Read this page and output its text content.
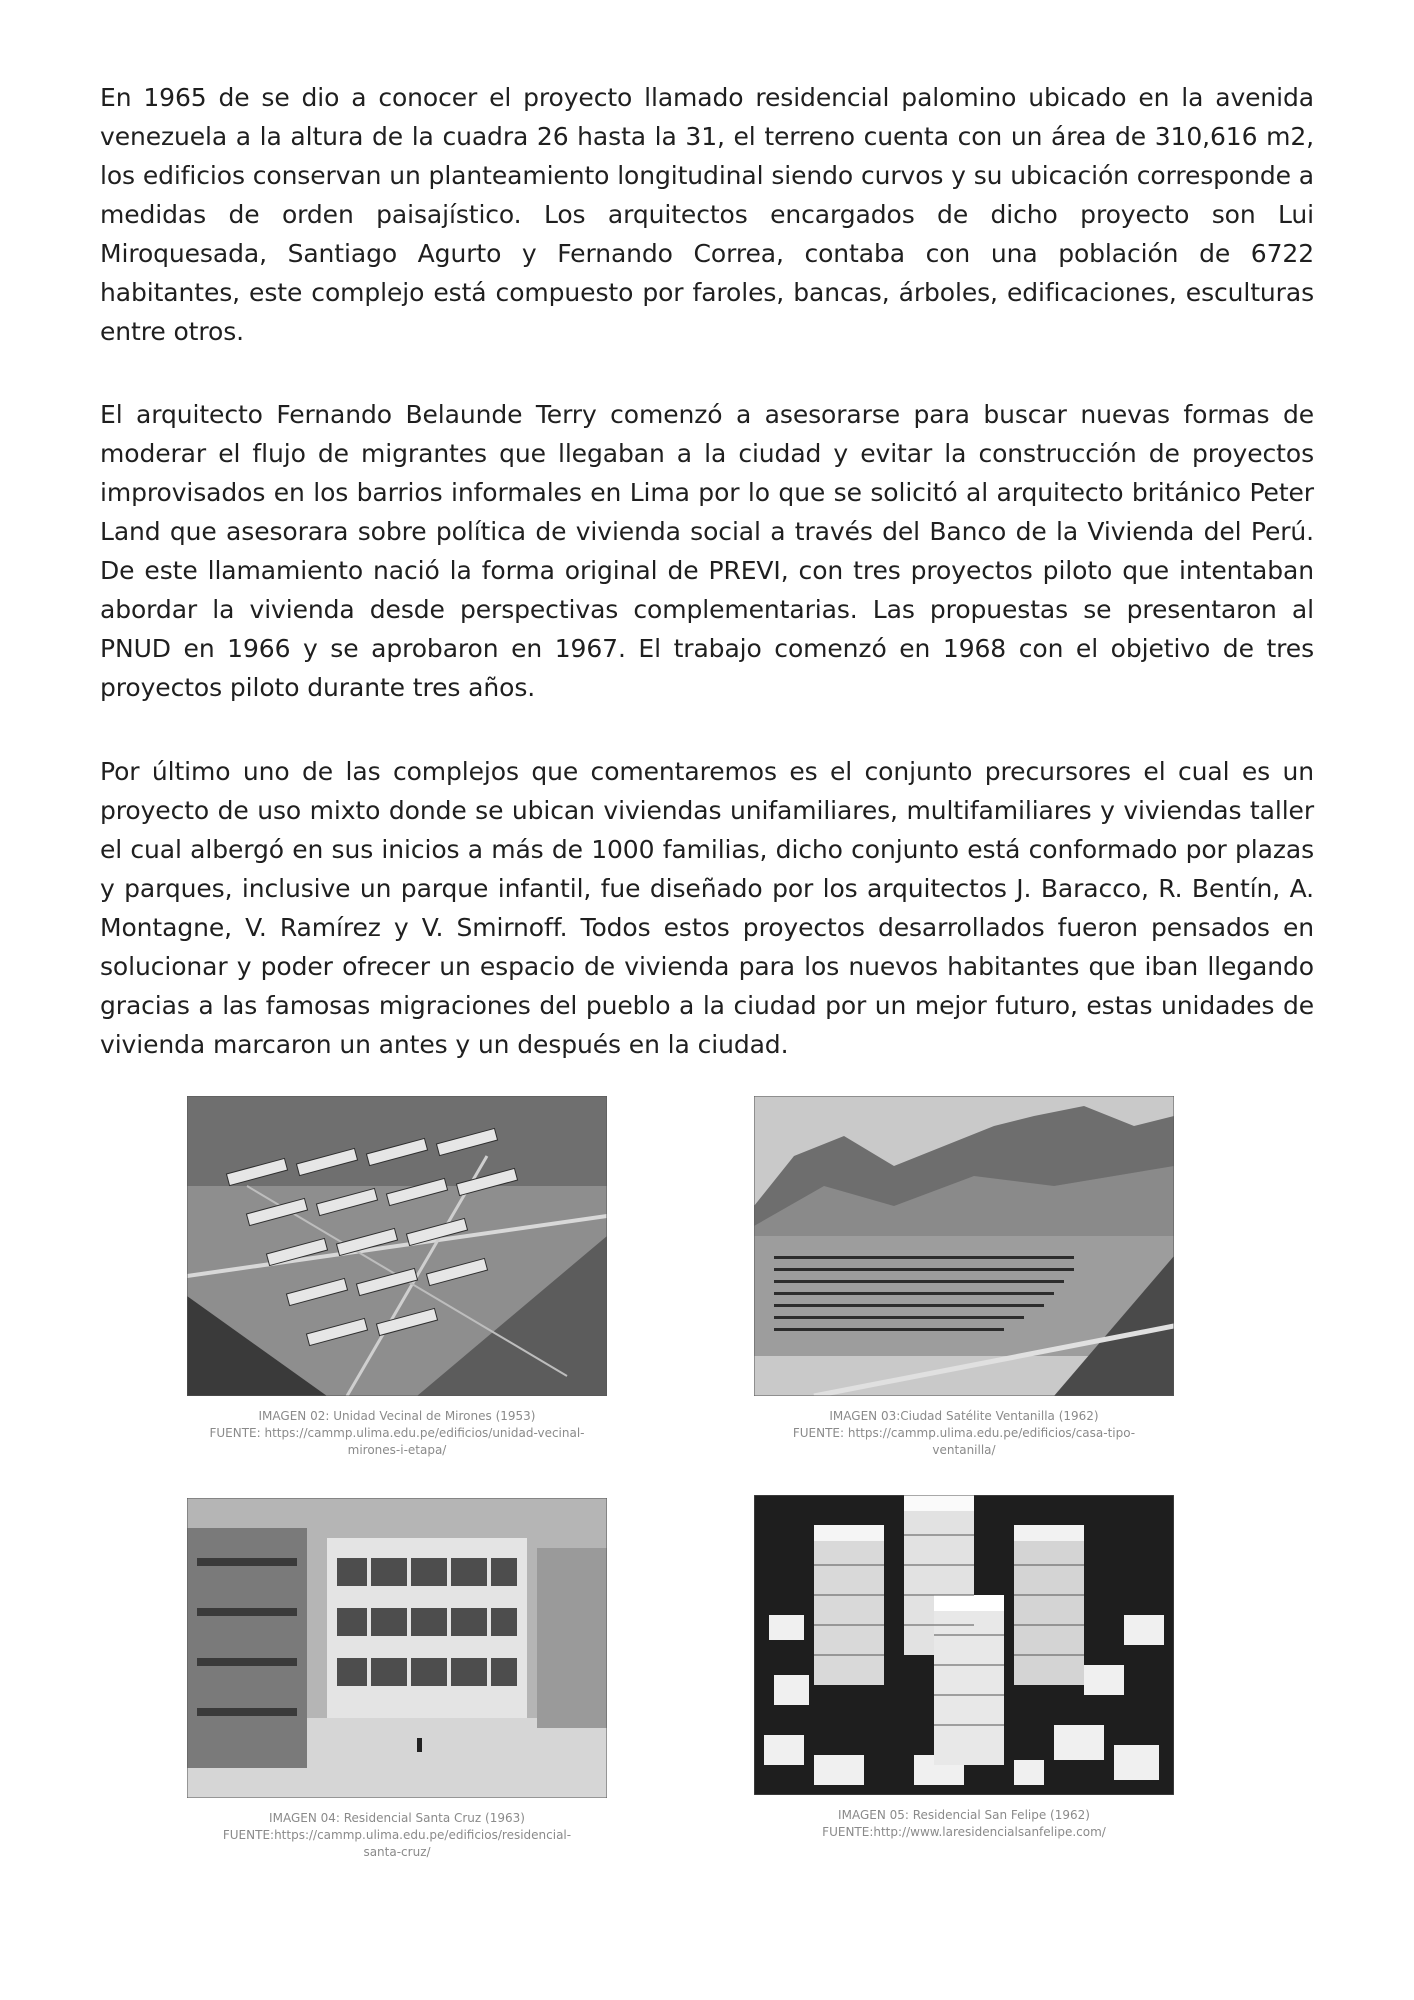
En 1965 de se dio a conocer el proyecto llamado residencial palomino ubicado en la avenida venezuela a la altura de la cuadra 26 hasta la 31, el terreno cuenta con un área de 310,616 m2, los edificios conservan un planteamiento longitudinal siendo curvos y su ubicación corresponde a medidas de orden paisajístico. Los arquitectos encargados de dicho proyecto son Lui Miroquesada, Santiago Agurto y Fernando Correa, contaba con una población de 6722 habitantes, este complejo está compuesto por faroles, bancas, árboles, edificaciones, esculturas entre otros.

El arquitecto Fernando Belaunde Terry comenzó a asesorarse para buscar nuevas formas de moderar el flujo de migrantes que llegaban a la ciudad y evitar la construcción de proyectos improvisados en los barrios informales en Lima por lo que se solicitó al arquitecto británico Peter Land que asesorara sobre política de vivienda social a través del Banco de la Vivienda del Perú. De este llamamiento nació la forma original de PREVI, con tres proyectos piloto que intentaban abordar la vivienda desde perspectivas complementarias. Las propuestas se presentaron al PNUD en 1966 y se aprobaron en 1967. El trabajo comenzó en 1968 con el objetivo de tres proyectos piloto durante tres años.

Por último uno de las complejos que comentaremos es el conjunto precursores el cual es un proyecto de uso mixto donde se ubican viviendas unifamiliares, multifamiliares y viviendas taller el cual albergó en sus inicios a más de 1000 familias, dicho conjunto está conformado por plazas y parques, inclusive un parque infantil, fue diseñado por los arquitectos J. Baracco, R. Bentín, A. Montagne, V. Ramírez y V. Smirnoff. Todos estos proyectos desarrollados fueron pensados en solucionar y poder ofrecer un espacio de vivienda para los nuevos habitantes que iban llegando gracias a las famosas migraciones del pueblo a la ciudad por un mejor futuro, estas unidades de vivienda marcaron un antes y un después en la ciudad.

IMAGEN 02: Unidad Vecinal de Mirones (1953)
FUENTE: https://cammp.ulima.edu.pe/edificios/unidad-vecinal-
mirones-i-etapa/
IMAGEN 03:Ciudad Satélite Ventanilla (1962)
FUENTE: https://cammp.ulima.edu.pe/edificios/casa-tipo-
ventanilla/
IMAGEN 04: Residencial Santa Cruz (1963)
FUENTE:https://cammp.ulima.edu.pe/edificios/residencial-
santa-cruz/
IMAGEN 05: Residencial San Felipe (1962)
FUENTE:http://www.laresidencialsanfelipe.com/
